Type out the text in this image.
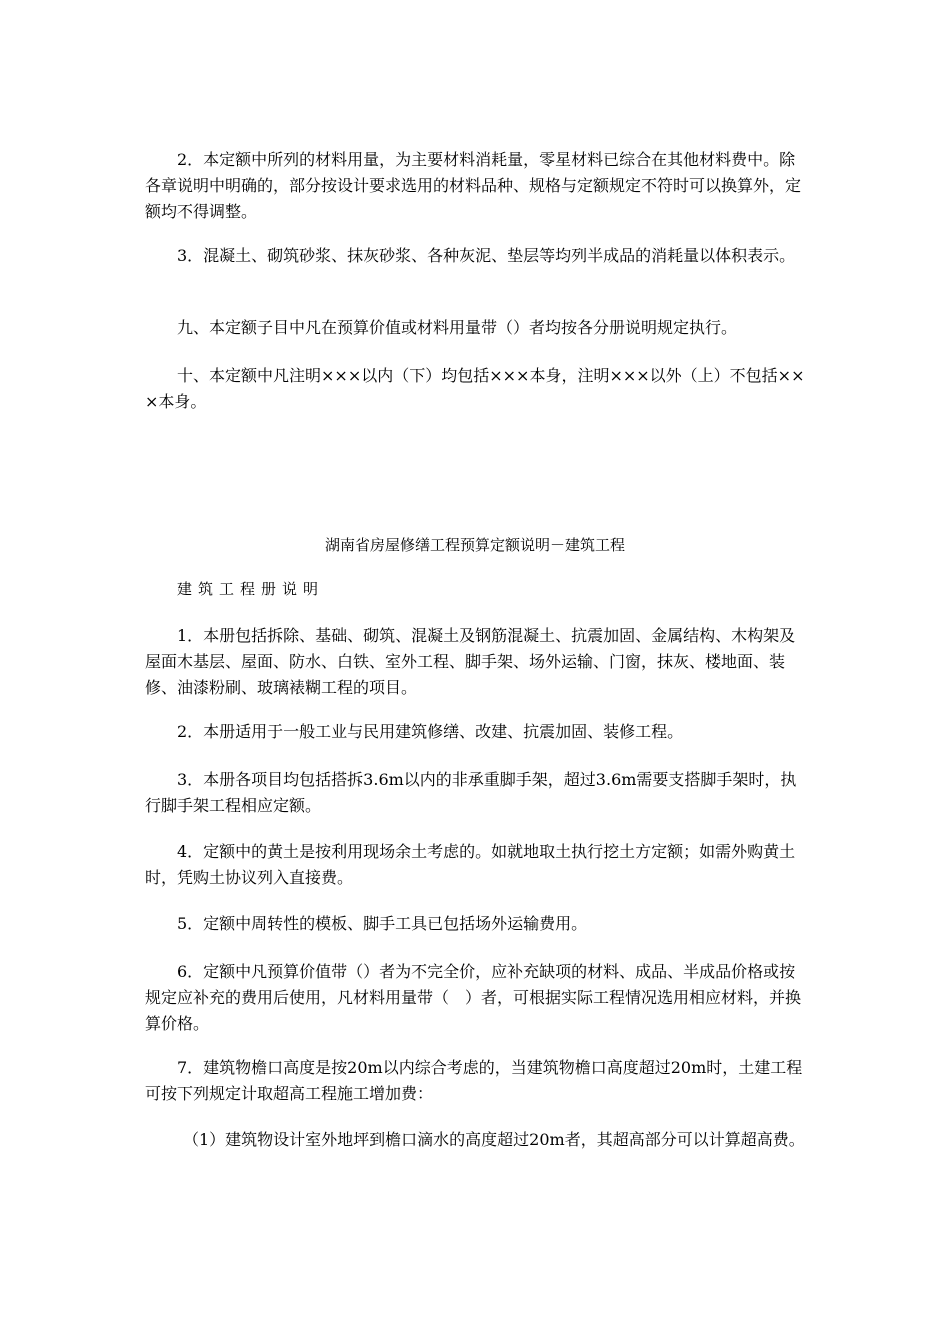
2．本定额中所列的材料用量，为主要材料消耗量，零星材料已综合在其他材料费中。除各章说明中明确的，部分按设计要求选用的材料品种、规格与定额规定不符时可以换算外，定额均不得调整。

3．混凝土、砌筑砂浆、抹灰砂浆、各种灰泥、垫层等均列半成品的消耗量以体积表示。

九、本定额子目中凡在预算价值或材料用量带（）者均按各分册说明规定执行。

十、本定额中凡注明×××以内（下）均包括×××本身，注明×××以外（上）不包括×××本身。

湖南省房屋修缮工程预算定额说明－建筑工程

建筑工程册说明

1．本册包括拆除、基础、砌筑、混凝土及钢筋混凝土、抗震加固、金属结构、木构架及屋面木基层、屋面、防水、白铁、室外工程、脚手架、场外运输、门窗，抹灰、楼地面、装修、油漆粉刷、玻璃裱糊工程的项目。

2．本册适用于一般工业与民用建筑修缮、改建、抗震加固、装修工程。

3．本册各项目均包括搭拆3.6m以内的非承重脚手架，超过3.6m需要支搭脚手架时，执行脚手架工程相应定额。

4．定额中的黄土是按利用现场余土考虑的。如就地取土执行挖土方定额；如需外购黄土时，凭购土协议列入直接费。

5．定额中周转性的模板、脚手工具已包括场外运输费用。

6．定额中凡预算价值带（）者为不完全价，应补充缺项的材料、成品、半成品价格或按规定应补充的费用后使用，凡材料用量带（　）者，可根据实际工程情况选用相应材料，并换算价格。

7．建筑物檐口高度是按20m以内综合考虑的，当建筑物檐口高度超过20m时，土建工程可按下列规定计取超高工程施工增加费：

（1）建筑物设计室外地坪到檐口滴水的高度超过20m者，其超高部分可以计算超高费。
